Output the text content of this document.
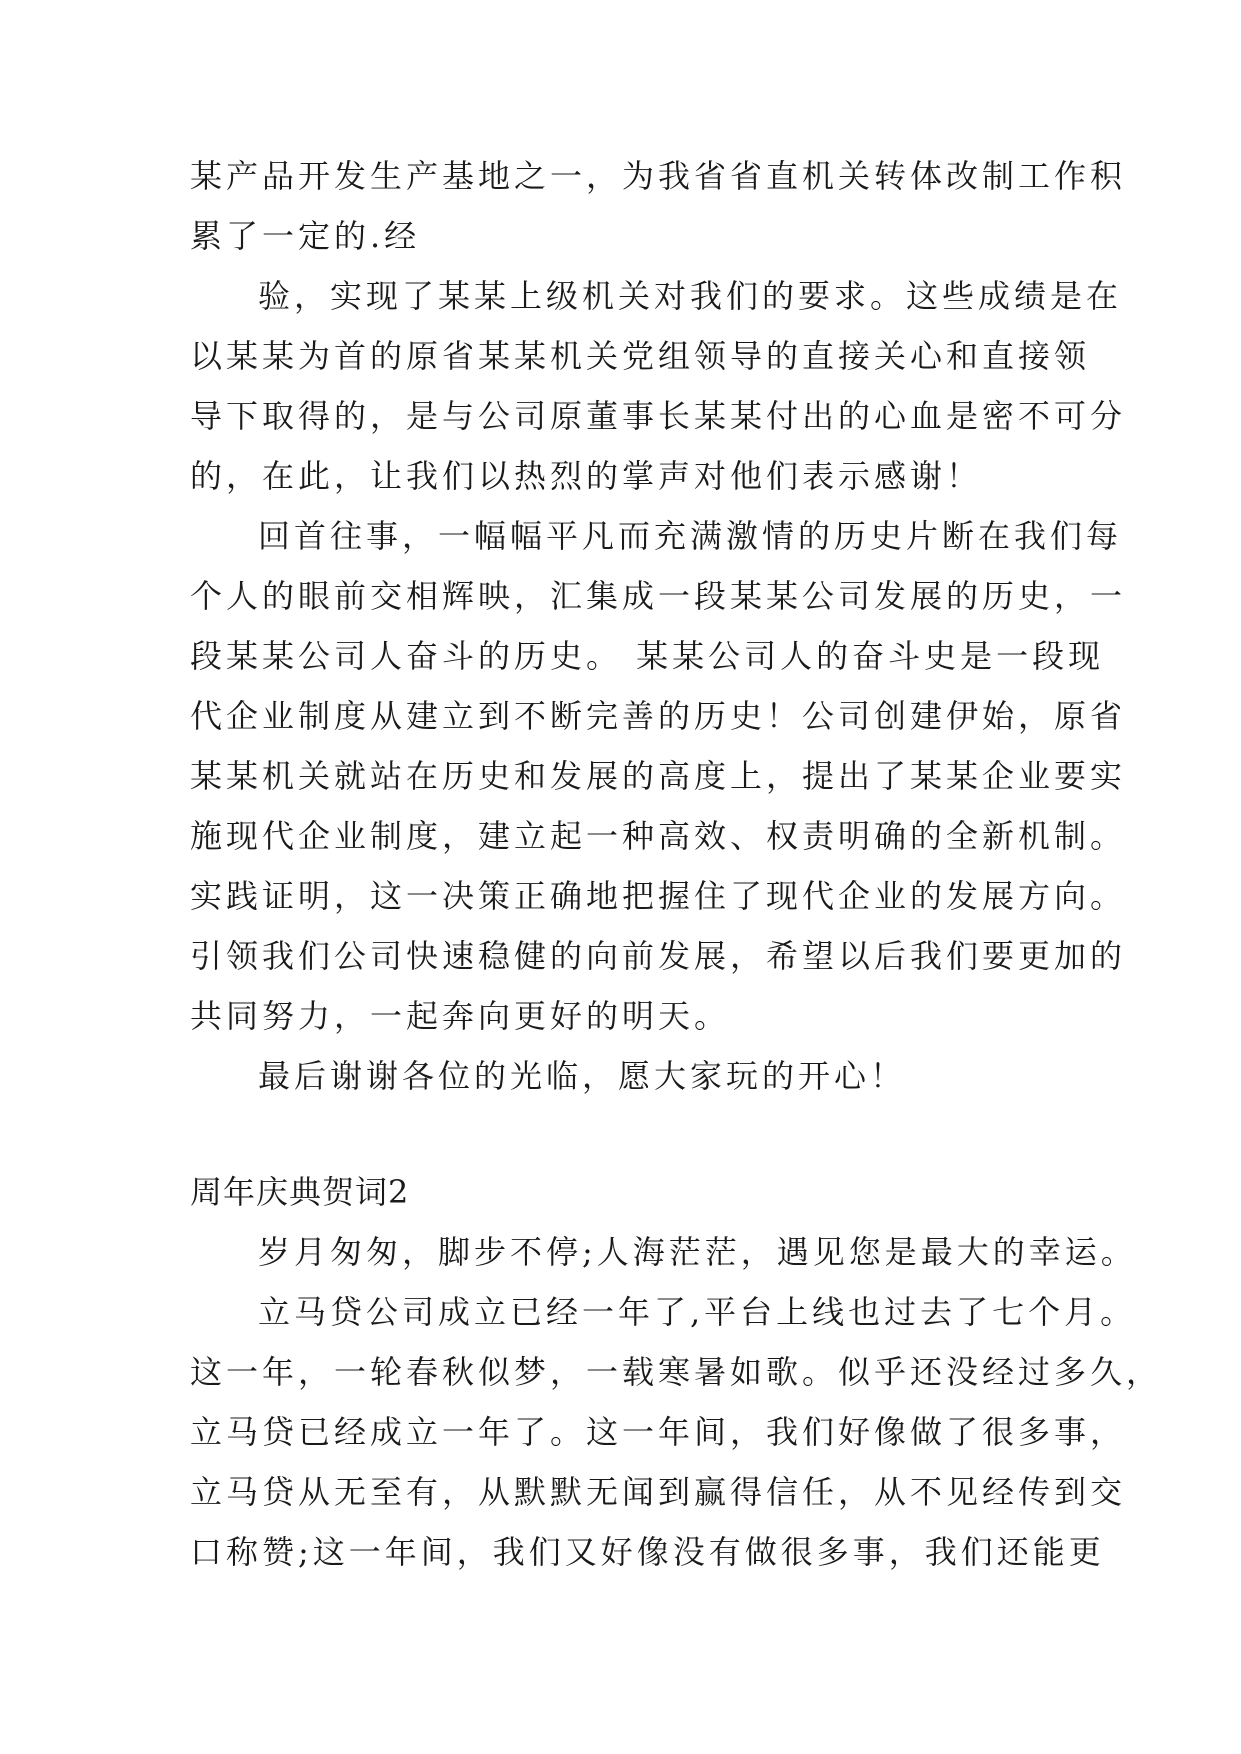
某产品开发生产基地之一，为我省省直机关转体改制工作积
累了一定的.经
验，实现了某某上级机关对我们的要求。这些成绩是在
以某某为首的原省某某机关党组领导的直接关心和直接领
导下取得的，是与公司原董事长某某付出的心血是密不可分
的，在此，让我们以热烈的掌声对他们表示感谢！
回首往事，一幅幅平凡而充满激情的历史片断在我们每
个人的眼前交相辉映，汇集成一段某某公司发展的历史，一
段某某公司人奋斗的历史。 某某公司人的奋斗史是一段现
代企业制度从建立到不断完善的历史！公司创建伊始，原省
某某机关就站在历史和发展的高度上，提出了某某企业要实
施现代企业制度，建立起一种高效、权责明确的全新机制。
实践证明，这一决策正确地把握住了现代企业的发展方向。
引领我们公司快速稳健的向前发展，希望以后我们要更加的
共同努力，一起奔向更好的明天。
最后谢谢各位的光临，愿大家玩的开心！
周年庆典贺词2
岁月匆匆，脚步不停;人海茫茫，遇见您是最大的幸运。
立马贷公司成立已经一年了,平台上线也过去了七个月。
这一年，一轮春秋似梦，一载寒暑如歌。似乎还没经过多久，
立马贷已经成立一年了。这一年间，我们好像做了很多事，
立马贷从无至有，从默默无闻到赢得信任，从不见经传到交
口称赞;这一年间，我们又好像没有做很多事，我们还能更
